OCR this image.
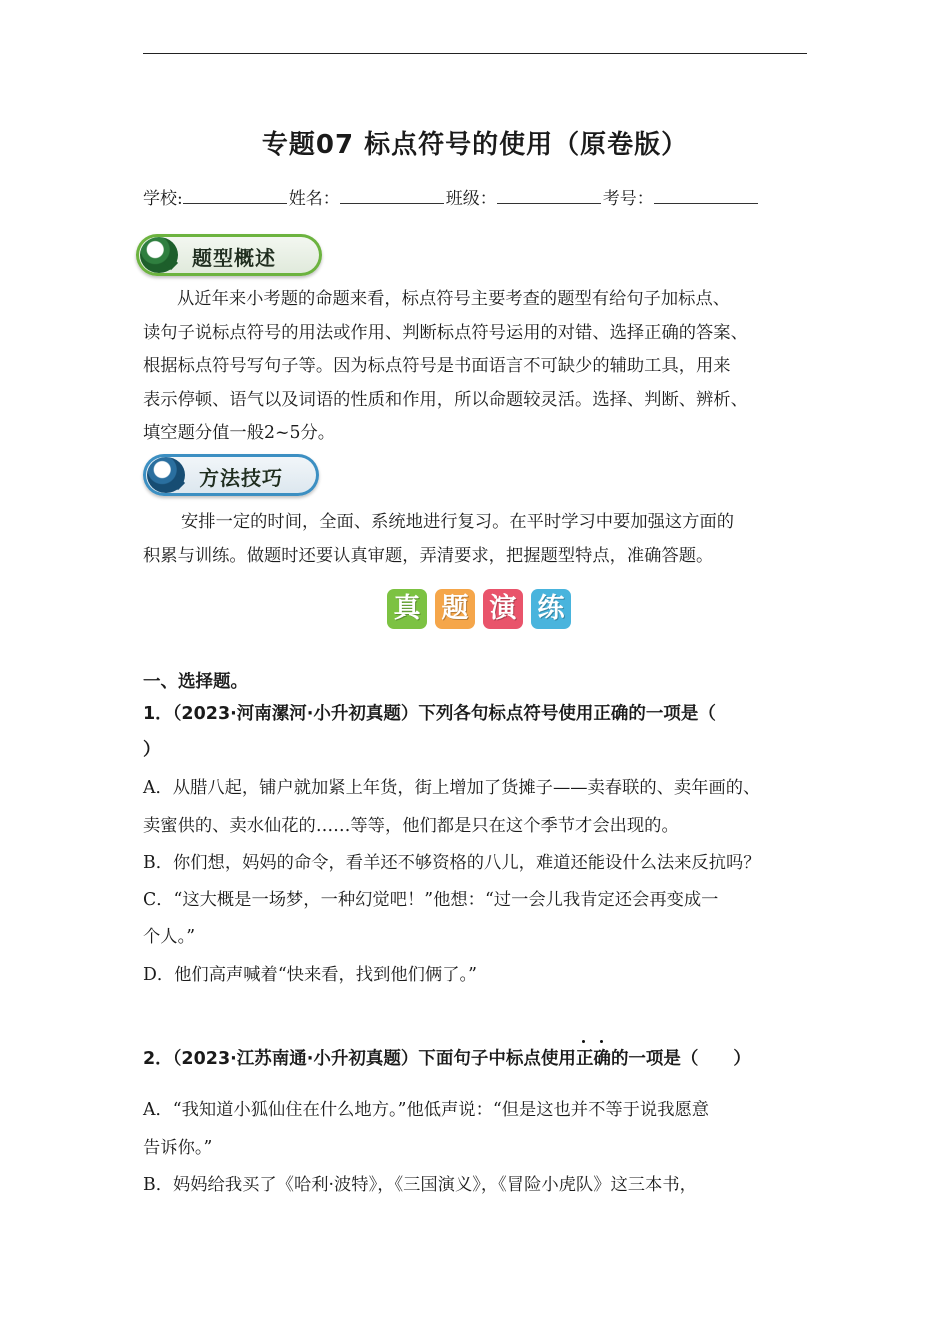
专题07 标点符号的使用（原卷版）
学校:	姓名：	班级：	考号：
题型概述

从近年来小考题的命题来看，标点符号主要考查的题型有给句子加标点、

读句子说标点符号的用法或作用、判断标点符号运用的对错、选择正确的答案、

根据标点符号写句子等。因为标点符号是书面语言不可缺少的辅助工具，用来

表示停顿、语气以及词语的性质和作用，所以命题较灵活。选择、判断、辨析、

填空题分值一般2~5分。

方法技巧

安排一定的时间，全面、系统地进行复习。在平时学习中要加强这方面的

积累与训练。做题时还要认真审题，弄清要求，把握题型特点，准确答题。

真 题 演 练
一、选择题。
1．（2023·河南漯河·小升初真题）下列各句标点符号使用正确的一项是（
）
A．从腊八起，铺户就加紧上年货，街上增加了货摊子——卖春联的、卖年画的、
卖蜜供的、卖水仙花的……等等，他们都是只在这个季节才会出现的。
B．你们想，妈妈的命令，看羊还不够资格的八儿，难道还能设什么法来反抗吗？
C．“这大概是一场梦，一种幻觉吧！”他想：“过一会儿我肯定还会再变成一
个人。”
D．他们高声喊着“快来看，找到他们俩了。”
2．（2023·江苏南通·小升初真题）下面句子中标点使用
正确的一项是（　　）
A．“我知道小狐仙住在什么地方。”他低声说：“但是这也并不等于说我愿意
告诉你。”
B．妈妈给我买了《哈利·波特》，《三国演义》，《冒险小虎队》这三本书，
